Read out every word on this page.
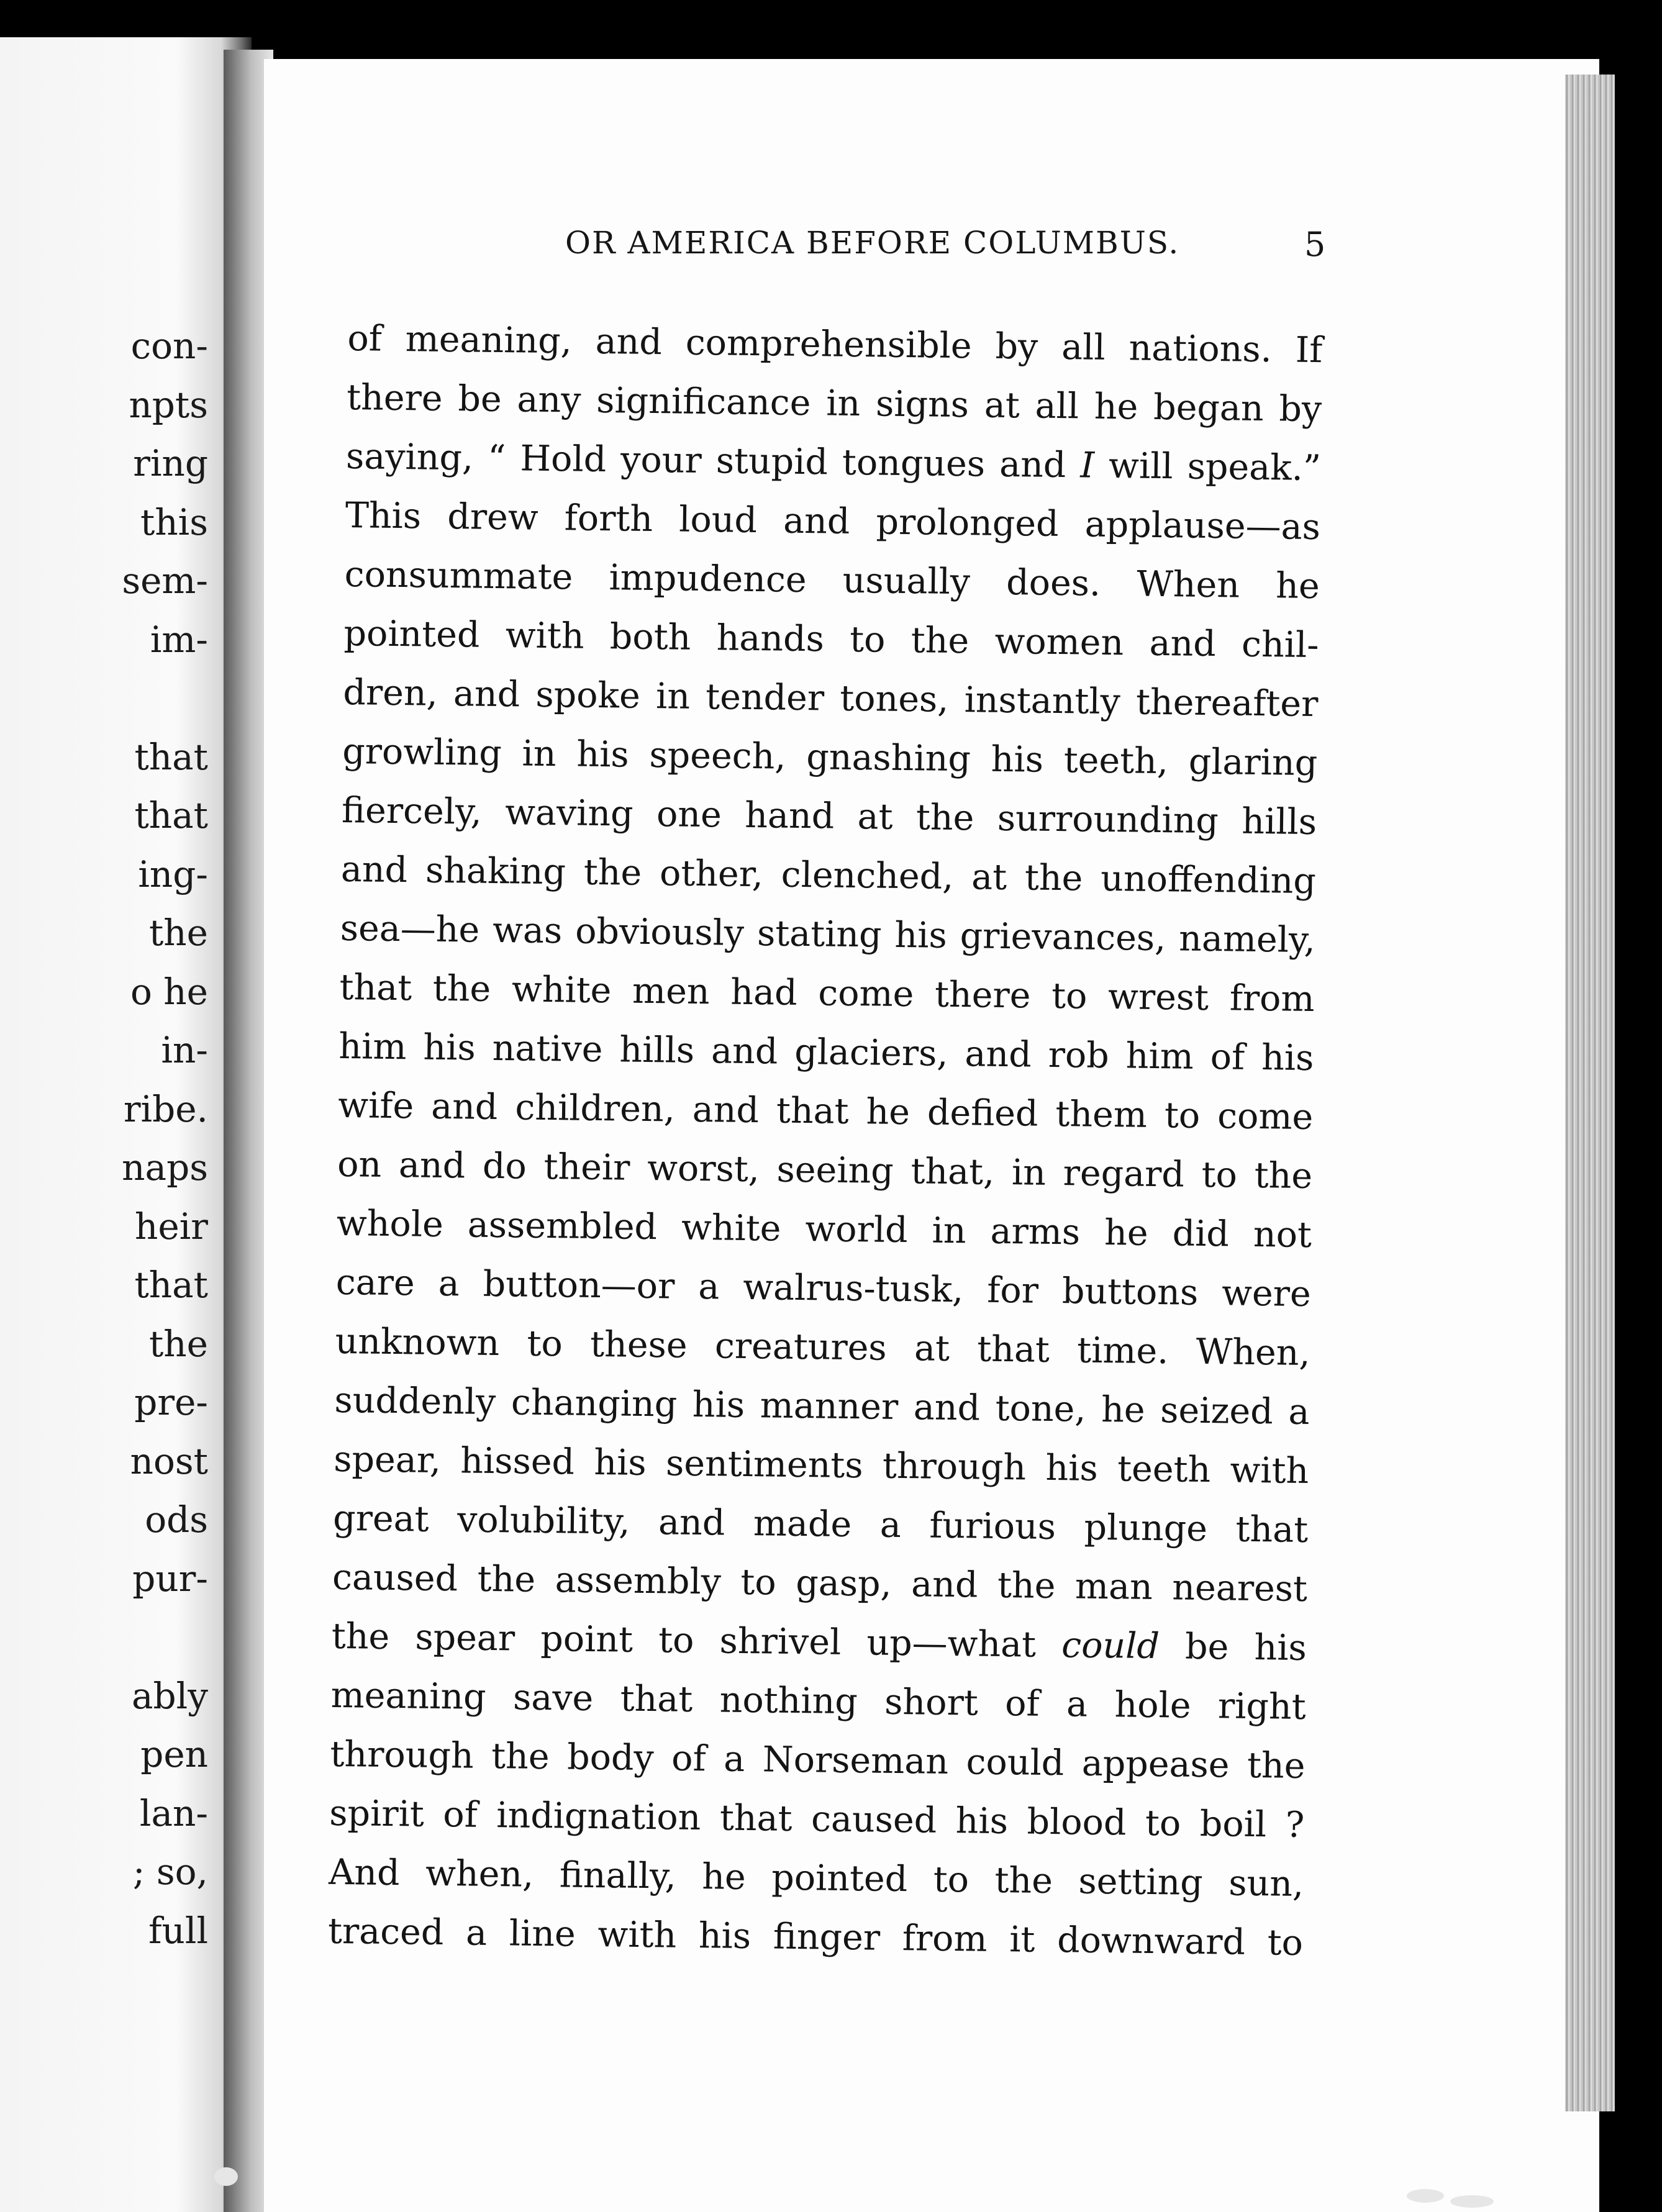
con-
npts
ring
this
sem-
im-
that
that
ing-
the
o he
in-
ribe.
naps
heir
that
the
pre-
nost
ods
pur-
ably
pen
lan-
; so,
full
OR AMERICA BEFORE COLUMBUS.	5
of meaning, and comprehensible by all nations. If
there be any significance in signs at all he began by
saying, “ Hold your stupid tongues and I will speak.”
This drew forth loud and prolonged applause—as
consummate impudence usually does. When he
pointed with both hands to the women and chil-
dren, and spoke in tender tones, instantly thereafter
growling in his speech, gnashing his teeth, glaring
fiercely, waving one hand at the surrounding hills
and shaking the other, clenched, at the unoffending
sea—he was obviously stating his grievances, namely,
that the white men had come there to wrest from
him his native hills and glaciers, and rob him of his
wife and children, and that he defied them to come
on and do their worst, seeing that, in regard to the
whole assembled white world in arms he did not
care a button—or a walrus-tusk, for buttons were
unknown to these creatures at that time. When,
suddenly changing his manner and tone, he seized a
spear, hissed his sentiments through his teeth with
great volubility, and made a furious plunge that
caused the assembly to gasp, and the man nearest
the spear point to shrivel up—what could be his
meaning save that nothing short of a hole right
through the body of a Norseman could appease the
spirit of indignation that caused his blood to boil ?
And when, finally, he pointed to the setting sun,
traced a line with his finger from it downward to
